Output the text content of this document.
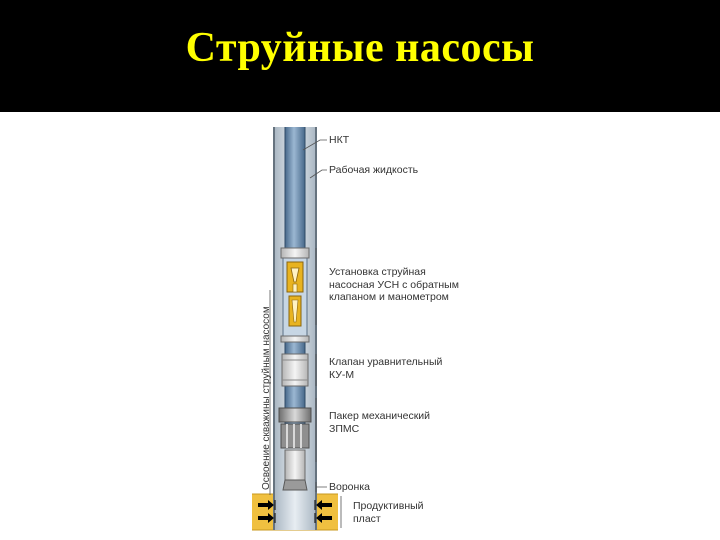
Струйные насосы
Освоение скважины струйным насосом
НКТ
Рабочая жидкость
Установка струйная
насосная УСН с обратным
клапаном и манометром
Клапан уравнительный
КУ-М
Пакер механический
ЗПМС
Воронка
Продуктивный
пласт
